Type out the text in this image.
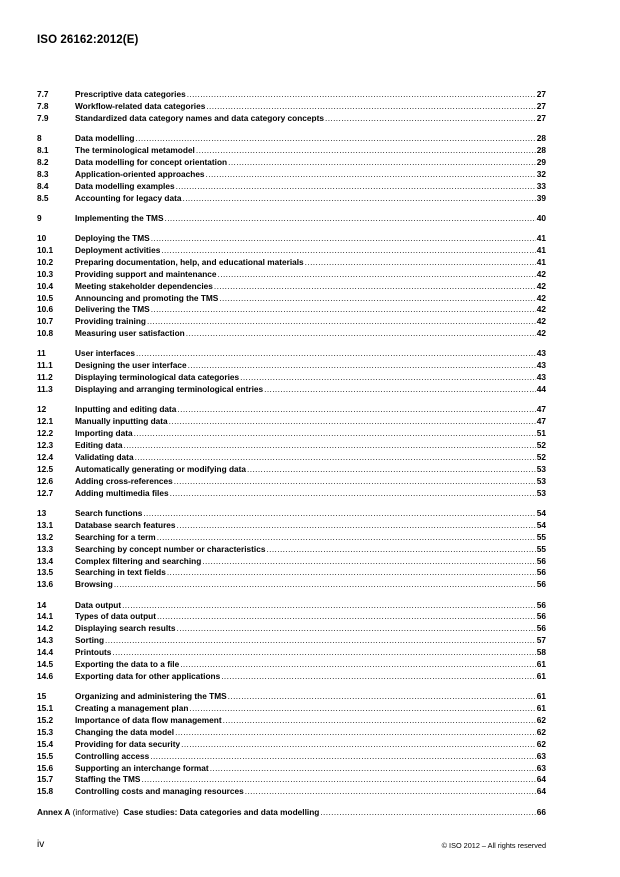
ISO 26162:2012(E)
7.7	Prescriptive data categories .....	27
7.8	Workflow-related data categories .....	27
7.9	Standardized data category names and data category concepts .....	27
8	Data modelling .....	28
8.1	The terminological metamodel .....	28
8.2	Data modelling for concept orientation .....	29
8.3	Application-oriented approaches .....	32
8.4	Data modelling examples .....	33
8.5	Accounting for legacy data .....	39
9	Implementing the TMS .....	40
10	Deploying the TMS .....	41
10.1	Deployment activities .....	41
10.2	Preparing documentation, help, and educational materials .....	41
10.3	Providing support and maintenance .....	42
10.4	Meeting stakeholder dependencies .....	42
10.5	Announcing and promoting the TMS .....	42
10.6	Delivering the TMS .....	42
10.7	Providing training .....	42
10.8	Measuring user satisfaction .....	42
11	User interfaces .....	43
11.1	Designing the user interface .....	43
11.2	Displaying terminological data categories .....	43
11.3	Displaying and arranging terminological entries .....	44
12	Inputting and editing data .....	47
12.1	Manually inputting data .....	47
12.2	Importing data .....	51
12.3	Editing data .....	52
12.4	Validating data .....	52
12.5	Automatically generating or modifying data .....	53
12.6	Adding cross-references .....	53
12.7	Adding multimedia files .....	53
13	Search functions .....	54
13.1	Database search features .....	54
13.2	Searching for a term .....	55
13.3	Searching by concept number or characteristics .....	55
13.4	Complex filtering and searching .....	56
13.5	Searching in text fields .....	56
13.6	Browsing .....	56
14	Data output .....	56
14.1	Types of data output .....	56
14.2	Displaying search results .....	56
14.3	Sorting .....	57
14.4	Printouts .....	58
14.5	Exporting the data to a file .....	61
14.6	Exporting data for other applications .....	61
15	Organizing and administering the TMS .....	61
15.1	Creating a management plan .....	61
15.2	Importance of data flow management .....	62
15.3	Changing the data model .....	62
15.4	Providing for data security .....	62
15.5	Controlling access .....	63
15.6	Supporting an interchange format .....	63
15.7	Staffing the TMS .....	64
15.8	Controlling costs and managing resources .....	64
Annex A (informative)  Case studies: Data categories and data modelling .....	66
iv	© ISO 2012 – All rights reserved
